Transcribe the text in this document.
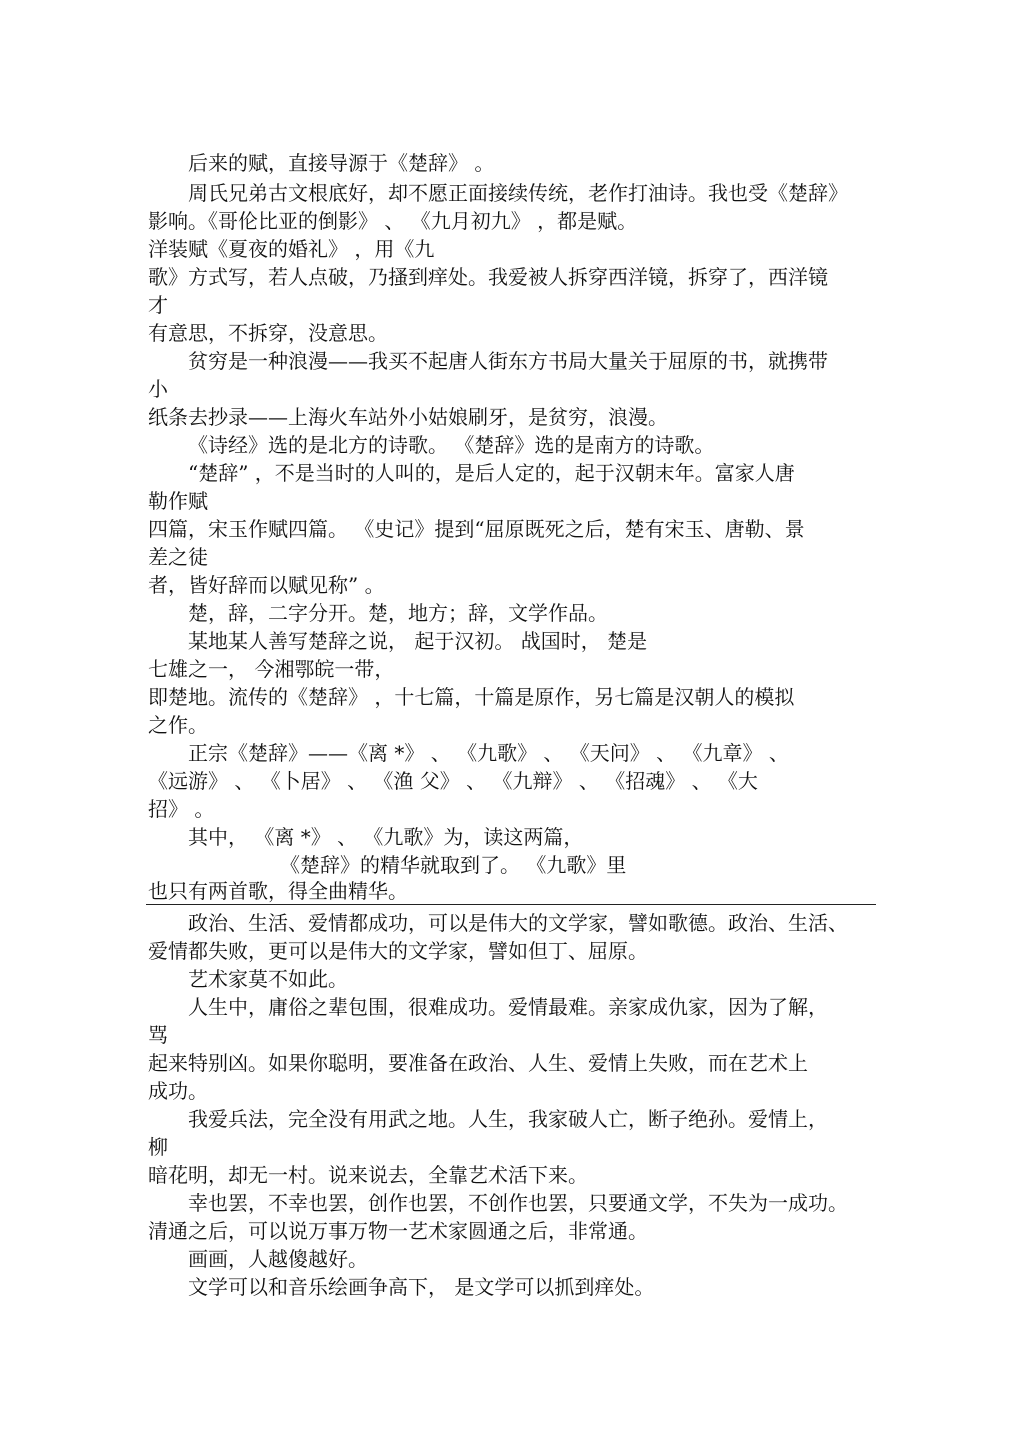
后来的赋，直接导源于《楚辞》 。
周氏兄弟古文根底好，却不愿正面接续传统，老作打油诗。我也受《楚辞》
影响。《哥伦比亚的倒影》 、 《九月初九》 ，都是赋。
洋装赋《夏夜的婚礼》 ，用《九
歌》方式写，若人点破，乃搔到痒处。我爱被人拆穿西洋镜，拆穿了，西洋镜
才
有意思，不拆穿，没意思。
贫穷是一种浪漫——我买不起唐人街东方书局大量关于屈原的书，就携带
小
纸条去抄录——上海火车站外小姑娘刷牙，是贫穷，浪漫。
《诗经》选的是北方的诗歌。 《楚辞》选的是南方的诗歌。
“楚辞” ，不是当时的人叫的，是后人定的，起于汉朝末年。富家人唐
勒作赋
四篇，宋玉作赋四篇。 《史记》提到“屈原既死之后，楚有宋玉、唐勒、景
差之徒
者，皆好辞而以赋见称” 。
楚，辞，二字分开。楚，地方；辞，文学作品。
某地某人善写楚辞之说， 起于汉初。 战国时， 楚是
七雄之一， 今湘鄂皖一带，
即楚地。流传的《楚辞》 ，十七篇，十篇是原作，另七篇是汉朝人的模拟
之作。
正宗《楚辞》——《离 *》 、 《九歌》 、 《天问》 、 《九章》 、
《远游》 、 《卜居》 、 《渔 父》 、 《九辩》 、 《招魂》 、 《大
招》 。
其中， 《离 *》 、 《九歌》为，读这两篇，
《楚辞》的精华就取到了。 《九歌》里
也只有两首歌，得全曲精华。
政治、生活、爱情都成功，可以是伟大的文学家，譬如歌德。政治、生活、
爱情都失败，更可以是伟大的文学家，譬如但丁、屈原。
艺术家莫不如此。
人生中，庸俗之辈包围，很难成功。爱情最难。亲家成仇家，因为了解，
骂
起来特别凶。如果你聪明，要准备在政治、人生、爱情上失败，而在艺术上
成功。
我爱兵法，完全没有用武之地。人生，我家破人亡，断子绝孙。爱情上，
柳
暗花明，却无一村。说来说去，全靠艺术活下来。
幸也罢，不幸也罢，创作也罢，不创作也罢，只要通文学，不失为一成功。
清通之后，可以说万事万物一艺术家圆通之后，非常通。
画画，人越傻越好。
文学可以和音乐绘画争高下， 是文学可以抓到痒处。
